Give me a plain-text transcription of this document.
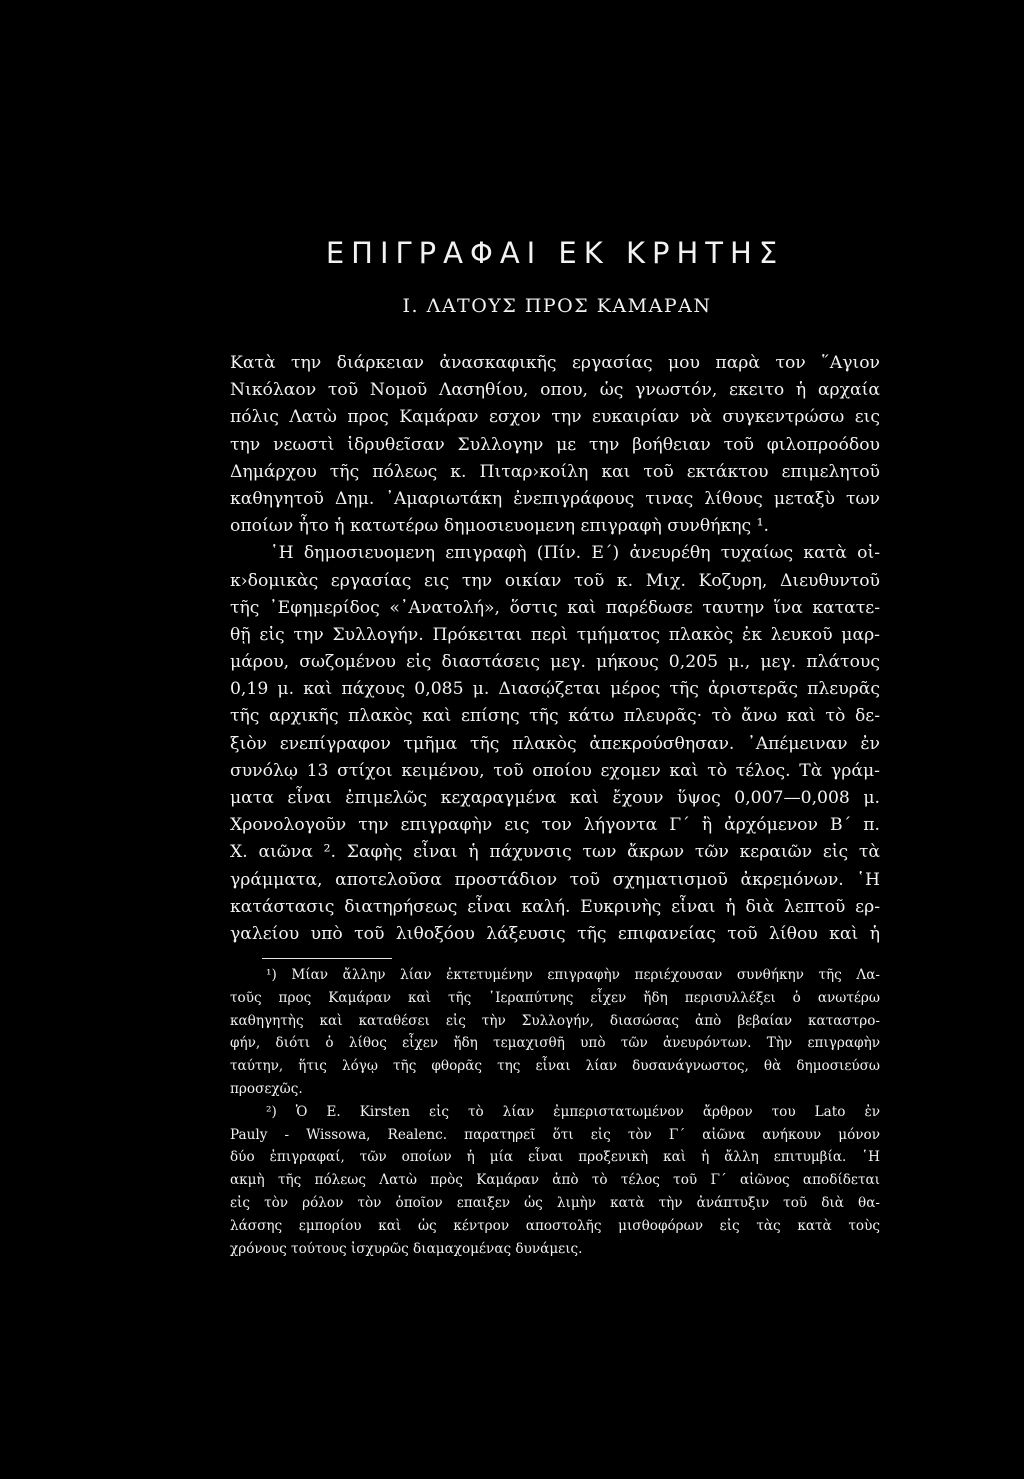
ΕΠΙΓΡΑΦΑΙ ΕΚ ΚΡΗΤΗΣ
Ι. ΛΑΤΟΥΣ ΠΡΟΣ ΚΑΜΑΡΑΝ
Κατὰ την διάρκειαν ἀνασκαφικῆς εργασίας μου παρὰ τον ῞Αγιον
Νικόλαον τοῦ Νομοῦ Λασηθίου, οπου, ὡς γνωστόν, εκειτο ἡ αρχαία
πόλις Λατὼ προς Καμάραν εσχον την ευκαιρίαν νὰ συγκεντρώσω εις
την νεωστὶ ἱδρυθεῖσαν Συλλογην με την βοήθειαν τοῦ φιλοπροόδου
Δημάρχου τῆς πόλεως κ. Πιταρ›κοίλη και τοῦ εκτάκτου επιμελητοῦ
καθηγητοῦ Δημ. ᾿Αμαριωτάκη ἐνεπιγράφους τινας λίθους μεταξὺ των
οποίων ἦτο ἡ κατωτέρω δημοσιευομενη επιγραφὴ συνθήκης ¹.
῾Η δημοσιευομενη επιγραφὴ (Πίν. Ε΄) ἀνευρέθη τυχαίως κατὰ οἰ-
κ›δομικὰς εργασίας εις την οικίαν τοῦ κ. Μιχ. Κοζυρη, Διευθυντοῦ
τῆς ᾿Εφημερίδος «᾿Ανατολή», ὅστις καὶ παρέδωσε ταυτην ἵνα κατατε-
θῇ εἰς την Συλλογήν. Πρόκειται περὶ τμήματος πλακὸς ἐκ λευκοῦ μαρ-
μάρου, σωζομένου εἰς διαστάσεις μεγ. μήκους 0,205 μ., μεγ. πλάτους
0,19 μ. καὶ πάχους 0,085 μ. Διασῴζεται μέρος τῆς ἀριστερᾶς πλευρᾶς
τῆς αρχικῆς πλακὸς καὶ επίσης τῆς κάτω πλευρᾶς· τὸ ἄνω καὶ τὸ δε-
ξιὸν ενεπίγραφον τμῆμα τῆς πλακὸς ἀπεκρούσθησαν. ᾿Απέμειναν ἐν
συνόλῳ 13 στίχοι κειμένου, τοῦ οποίου εχομεν καὶ τὸ τέλος. Τὰ γράμ-
ματα εἶναι ἐπιμελῶς κεχαραγμένα καὶ ἔχουν ὕψος 0,007—0,008 μ.
Χρονολογοῦν την επιγραφὴν εις τον λήγοντα Γ΄ ἢ ἀρχόμενον Β΄ π.
Χ. αιῶνα ². Σαφὴς εἶναι ἡ πάχυνσις των ἄκρων τῶν κεραιῶν εἰς τὰ
γράμματα, αποτελοῦσα προστάδιον τοῦ σχηματισμοῦ ἀκρεμόνων. ῾Η
κατάστασις διατηρήσεως εἶναι καλή. Ευκρινὴς εἶναι ἡ διὰ λεπτοῦ ερ-
γαλείου υπὸ τοῦ λιθοξόου λάξευσις τῆς επιφανείας τοῦ λίθου καὶ ἡ
¹) Μίαν ἄλλην λίαν ἐκτετυμένην επιγραφὴν περιέχουσαν συνθήκην τῆς Λα-
τοῦς προς Καμάραν καὶ τῆς ῾Ιεραπύτνης εἶχεν ἤδη περισυλλέξει ὁ ανωτέρω
καθηγητὴς καὶ καταθέσει εἰς τὴν Συλλογήν, διασώσας ἀπὸ βεβαίαν καταστρο-
φήν, διότι ὁ λίθος εἶχεν ἤδη τεμαχισθῆ υπὸ τῶν ἀνευρόντων. Τὴν επιγραφὴν
ταύτην, ἥτις λόγῳ τῆς φθορᾶς της εἶναι λίαν δυσανάγνωστος, θὰ δημοσιεύσω
προσεχῶς.
²) Ὁ Ε. Kirsten εἰς τὸ λίαν ἐμπεριστατωμένον ἄρθρον του Lato ἐν
Pauly - Wissowa, Realenc. παρατηρεῖ ὅτι εἰς τὸν Γ΄ αἰῶνα ανήκουν μόνον
δύο ἐπιγραφαί, τῶν οποίων ἡ μία εἶναι προξενικὴ καὶ ἡ ἄλλη επιτυμβία. ῾Η
ακμὴ τῆς πόλεως Λατὼ πρὸς Καμάραν ἀπὸ τὸ τέλος τοῦ Γ΄ αἰῶνος αποδίδεται
εἰς τὸν ρόλον τὸν ὁποῖον επαιξεν ὡς λιμὴν κατὰ τὴν ἀνάπτυξιν τοῦ διὰ θα-
λάσσης εμπορίου καὶ ὡς κέντρον αποστολῆς μισθοφόρων εἰς τὰς κατὰ τοὺς
χρόνους τούτους ἰσχυρῶς διαμαχομένας δυνάμεις.
